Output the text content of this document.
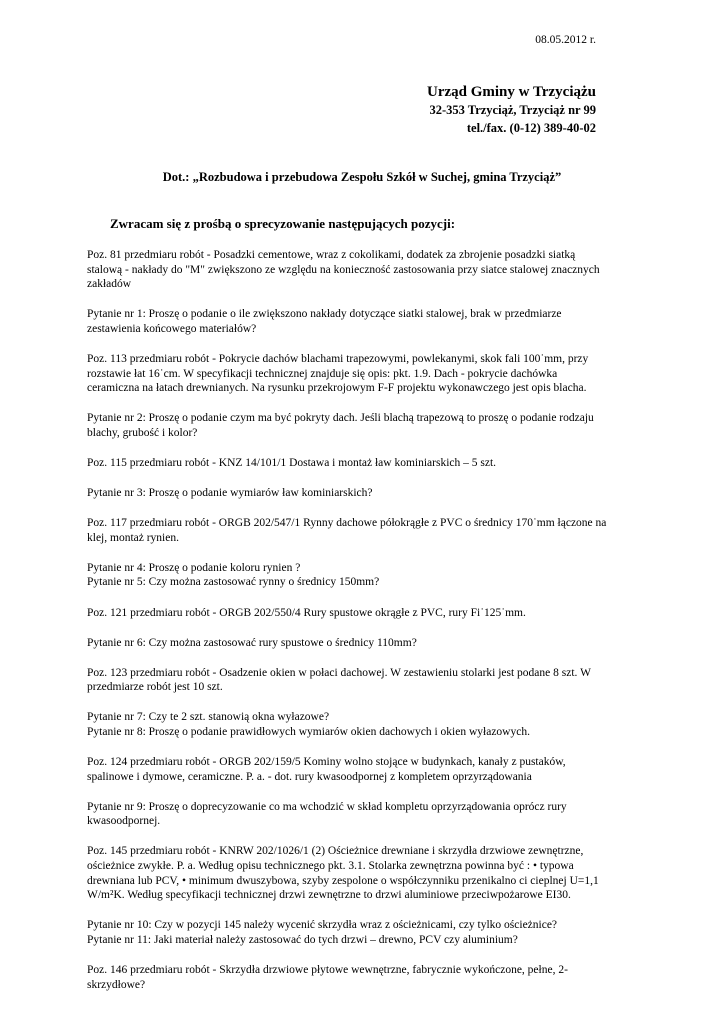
08.05.2012 r.
Urząd Gminy w Trzyciążu
32-353 Trzyciąż, Trzyciąż nr 99
tel./fax. (0-12) 389-40-02
Dot.: „Rozbudowa i przebudowa Zespołu Szkół w Suchej, gmina Trzyciąż”
Zwracam się z prośbą o sprecyzowanie następujących pozycji:
Poz. 81 przedmiaru robót - Posadzki cementowe, wraz z cokolikami, dodatek za zbrojenie posadzki siatką
stalową - nakłady do "M" zwiększono ze względu na konieczność zastosowania przy siatce stalowej znacznych
zakładów
Pytanie nr 1: Proszę o podanie o ile zwiększono nakłady dotyczące siatki stalowej, brak w przedmiarze
zestawienia końcowego materiałów?
Poz. 113 przedmiaru robót - Pokrycie dachów blachami trapezowymi, powlekanymi, skok fali 100˙mm, przy
rozstawie łat 16˙cm. W specyfikacji technicznej znajduje się opis: pkt. 1.9. Dach - pokrycie dachówka
ceramiczna na łatach drewnianych. Na rysunku przekrojowym F-F projektu wykonawczego jest opis blacha.
Pytanie nr 2: Proszę o podanie czym ma być pokryty dach. Jeśli blachą trapezową to proszę o podanie rodzaju
blachy, grubość i kolor?
Poz. 115 przedmiaru robót - KNZ 14/101/1 Dostawa i montaż ław kominiarskich – 5 szt.
Pytanie nr 3: Proszę o podanie wymiarów ław kominiarskich?
Poz. 117 przedmiaru robót - ORGB 202/547/1 Rynny dachowe półokrągłe z PVC o średnicy 170˙mm łączone na
klej, montaż rynien.
Pytanie nr 4: Proszę o podanie koloru rynien ?
Pytanie nr 5: Czy można zastosować rynny o średnicy 150mm?
Poz. 121 przedmiaru robót - ORGB 202/550/4 Rury spustowe okrągłe z PVC, rury Fi˙125˙mm.
Pytanie nr 6: Czy można zastosować rury spustowe o średnicy 110mm?
Poz. 123 przedmiaru robót - Osadzenie okien w połaci dachowej. W zestawieniu stolarki jest podane 8 szt. W
przedmiarze robót jest 10 szt.
Pytanie nr 7: Czy te 2 szt. stanowią okna wyłazowe?
Pytanie nr 8: Proszę o podanie prawidłowych wymiarów okien dachowych i okien wyłazowych.
Poz. 124 przedmiaru robót - ORGB 202/159/5 Kominy wolno stojące w budynkach, kanały z pustaków,
spalinowe i dymowe, ceramiczne. P. a. - dot. rury kwasoodpornej z kompletem oprzyrządowania
Pytanie nr 9: Proszę o doprecyzowanie co ma wchodzić w skład kompletu oprzyrządowania oprócz rury
kwasoodpornej.
Poz. 145 przedmiaru robót - KNRW 202/1026/1 (2) Ościeżnice drewniane i skrzydła drzwiowe zewnętrzne,
ościeżnice zwykłe. P. a. Według opisu technicznego pkt. 3.1. Stolarka zewnętrzna powinna być : • typowa
drewniana lub PCV, • minimum dwuszybowa, szyby zespolone o współczynniku przenikalno ci cieplnej U=1,1
W/m²K. Według specyfikacji technicznej drzwi zewnętrzne to drzwi aluminiowe przeciwpożarowe EI30.
Pytanie nr 10: Czy w pozycji 145 należy wycenić skrzydła wraz z ościeżnicami, czy tylko ościeżnice?
Pytanie nr 11: Jaki materiał należy zastosować do tych drzwi – drewno, PCV czy aluminium?
Poz. 146 przedmiaru robót - Skrzydła drzwiowe płytowe wewnętrzne, fabrycznie wykończone, pełne, 2-
skrzydłowe?
